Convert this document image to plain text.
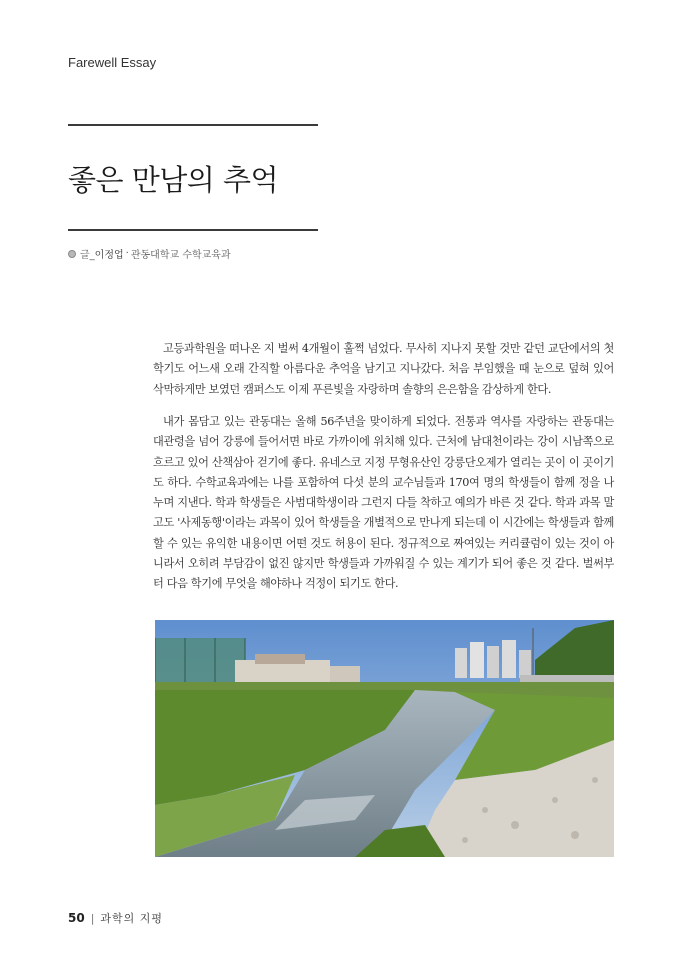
Farewell Essay
좋은 만남의 추억
글_ 이정업 · 관동대학교 수학교육과

고등과학원을 떠나온 지 벌써 4개월이 훌쩍 넘었다. 무사히 지나지 못할 것만 같던 교단에서의 첫 학기도 어느새 오래 간직할 아름다운 추억을 남기고 지나갔다. 처음 부임했을 때 눈으로 덮혀 있어 삭막하게만 보였던 캠퍼스도 이제 푸른빛을 자랑하며 솔향의 은은함을 감상하게 한다.

내가 몸담고 있는 관동대는 올해 56주년을 맞이하게 되었다. 전통과 역사를 자랑하는 관동대는 대관령을 넘어 강릉에 들어서면 바로 가까이에 위치해 있다. 근처에 남대천이라는 강이 시남쪽으로 흐르고 있어 산책삼아 걷기에 좋다. 유네스코 지정 무형유산인 강릉단오제가 열리는 곳이 이 곳이기도 하다. 수학교육과에는 나를 포함하여 다섯 분의 교수님들과 170여 명의 학생들이 함께 정을 나누며 지낸다. 학과 학생들은 사범대학생이라 그런지 다들 착하고 예의가 바른 것 같다. 학과 과목 말고도 '사제동행'이라는 과목이 있어 학생들을 개별적으로 만나게 되는데 이 시간에는 학생들과 함께할 수 있는 유익한 내용이면 어떤 것도 허용이 된다. 정규적으로 짜여있는 커리큘럼이 있는 것이 아니라서 오히려 부담감이 없진 않지만 학생들과 가까워질 수 있는 계기가 되어 좋은 것 같다. 벌써부터 다음 학기에 무엇을 해야하나 걱정이 되기도 한다.

50 | 과학의 지평
